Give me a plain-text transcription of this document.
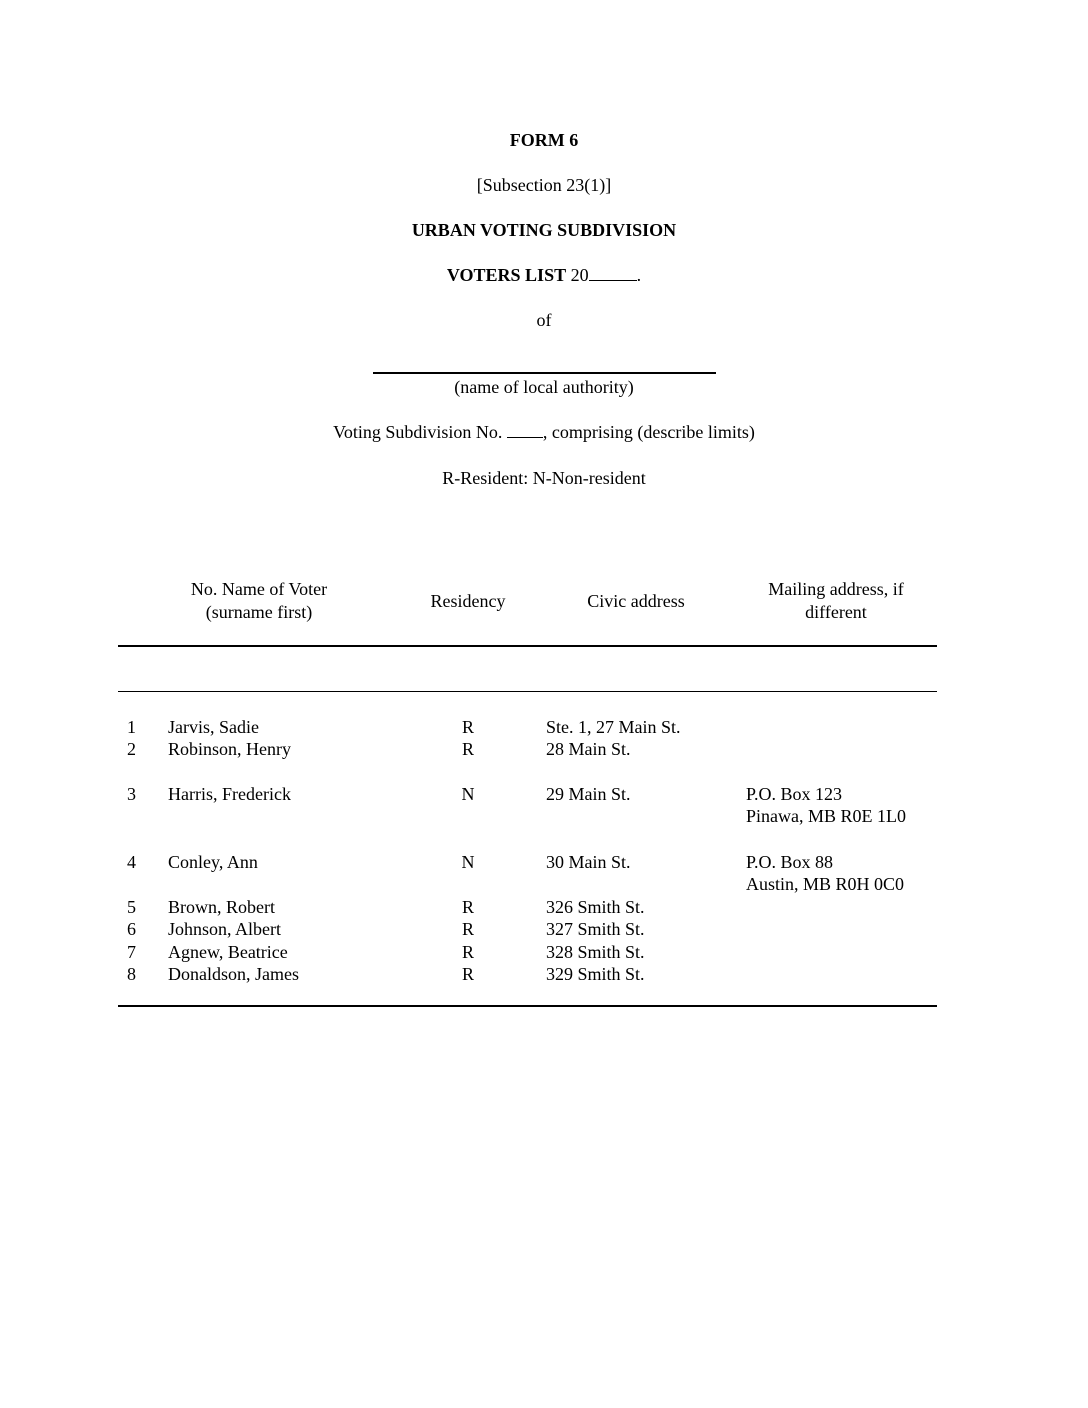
FORM 6
[Subsection 23(1)]
URBAN VOTING SUBDIVISION
VOTERS LIST 20	.
of
(name of local authority)
Voting Subdivision No. , comprising (describe limits)
R-Resident: N-Non-resident
No. Name of Voter
(surname first)
Residency	Civic address
Mailing address, if
different
1 Jarvis, Sadie	R	Ste. 1, 27 Main St.
2 Robinson, Henry	R	28 Main St.
3 Harris, Frederick	N	29 Main St.	P.O. Box 123
Pinawa, MB R0E 1L0
4 Conley, Ann	N	30 Main St.	P.O. Box 88
Austin, MB R0H 0C0
5 Brown, Robert	R	326 Smith St.
6 Johnson, Albert	R	327 Smith St.
7 Agnew, Beatrice	R	328 Smith St.
8 Donaldson, James	R	329 Smith St.
